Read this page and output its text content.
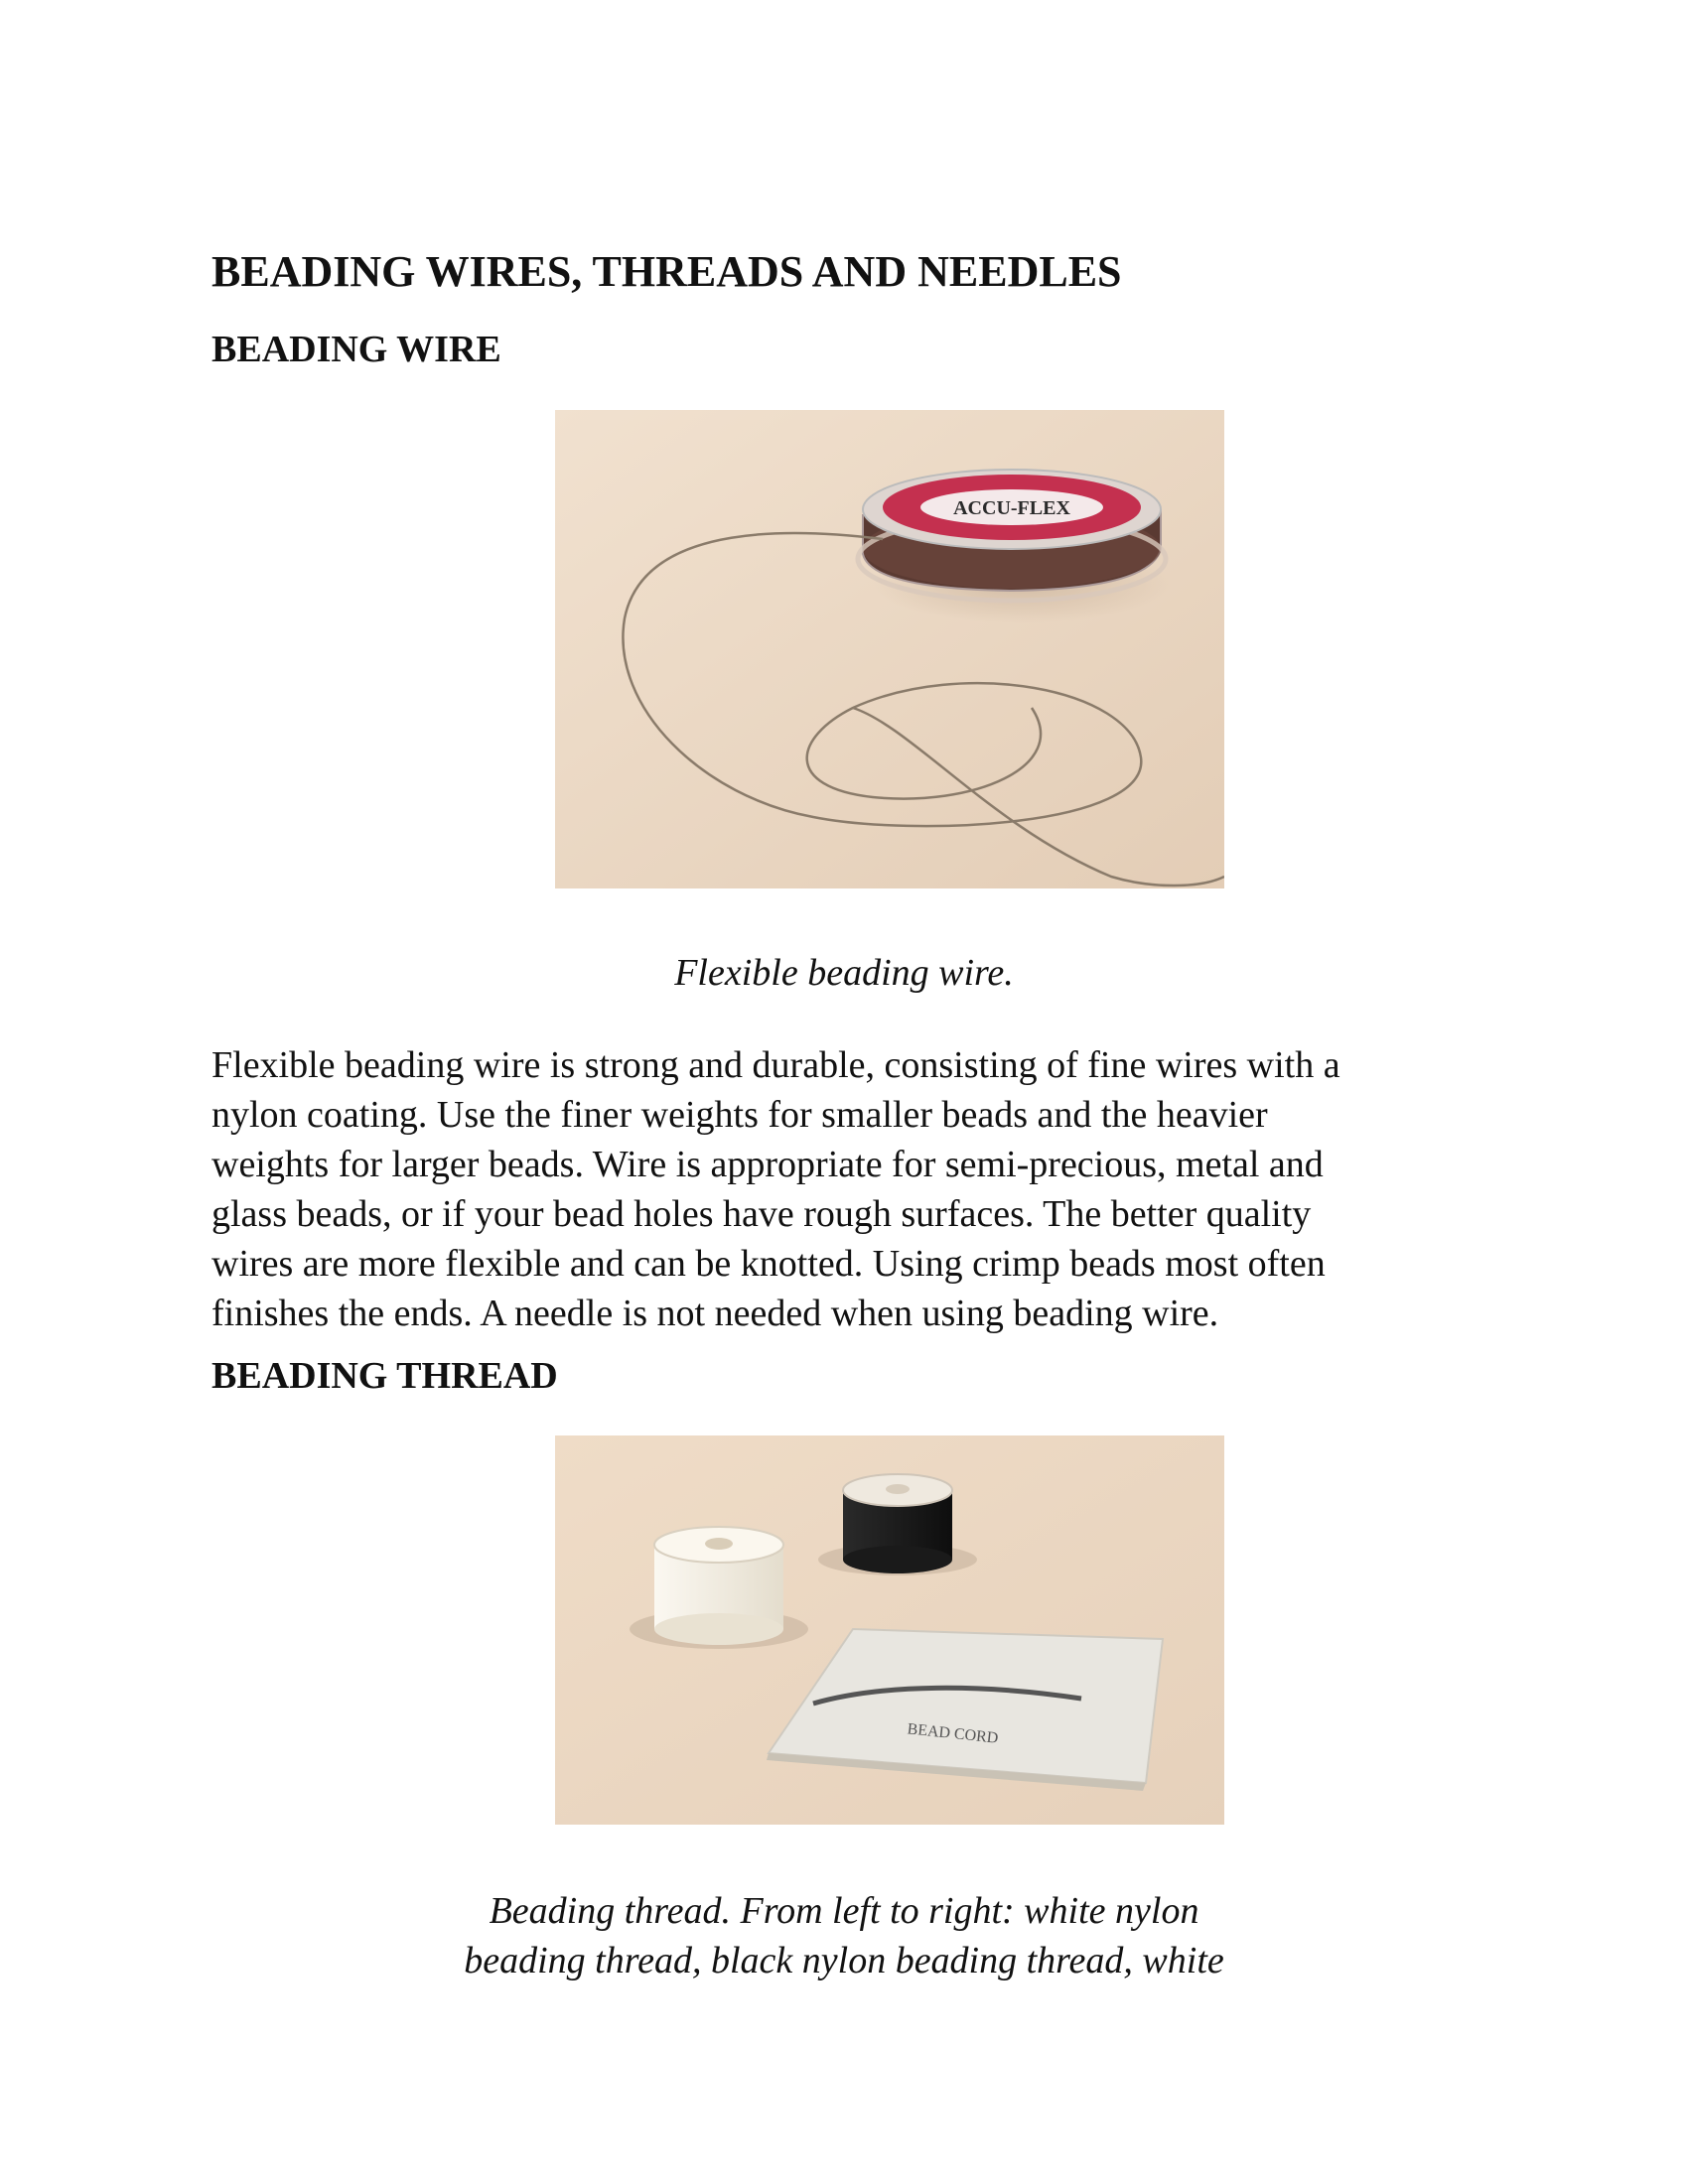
BEADING WIRES, THREADS AND NEEDLES
BEADING WIRE
ACCU-FLEX
Flexible beading wire.
Flexible beading wire is strong and durable, consisting of fine wires with a
nylon coating. Use the finer weights for smaller beads and the heavier
weights for larger beads. Wire is appropriate for semi-precious, metal and
glass beads, or if your bead holes have rough surfaces. The better quality
wires are more flexible and can be knotted. Using crimp beads most often
finishes the ends. A needle is not needed when using beading wire.
BEADING THREAD
BEAD CORD
Beading thread. From left to right: white nylon
beading thread, black nylon beading thread, white
